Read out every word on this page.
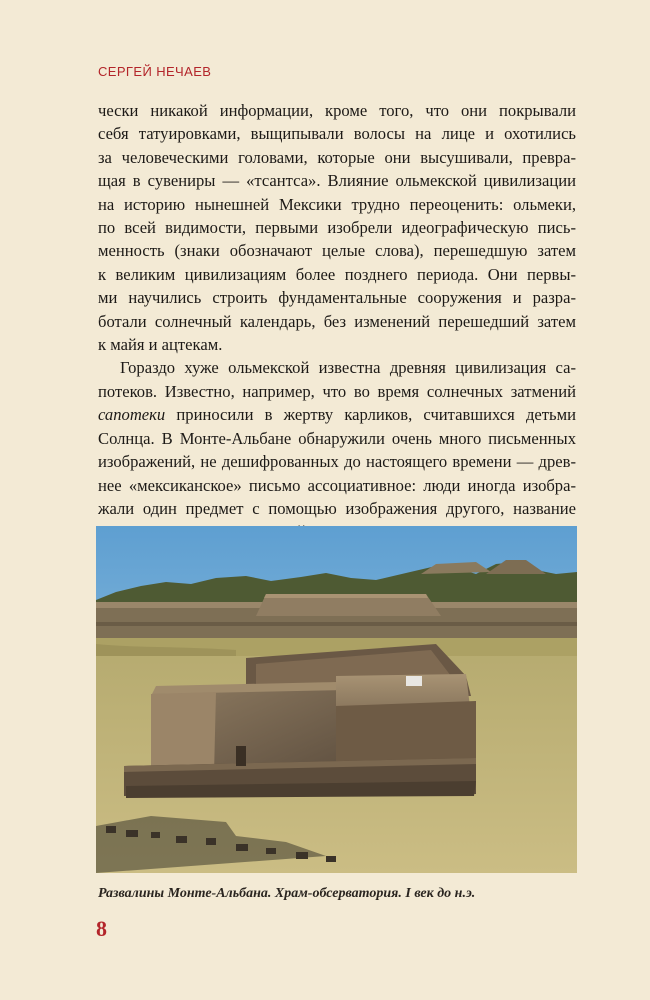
СЕРГЕЙ НЕЧАЕВ

чески никакой информации, кроме того, что они покрывали
себя татуировками, выщипывали волосы на лице и охотились
за человеческими головами, которые они высушивали, превра-
щая в сувениры — «тсантса». Влияние ольмекской цивилизации
на историю нынешней Мексики трудно переоценить: ольмеки,
по всей видимости, первыми изобрели идеографическую пись-
менность (знаки обозначают целые слова), перешедшую затем
к великим цивилизациям более позднего периода. Они первы-
ми научились строить фундаментальные сооружения и разра-
ботали солнечный календарь, без изменений перешедший затем
к майя и ацтекам.

Гораздо хуже ольмекской известна древняя цивилизация са-
потеков. Известно, например, что во время солнечных затмений
сапотеки приносили в жертву карликов, считавшихся детьми
Солнца. В Монте-Альбане обнаружили очень много письменных
изображений, не дешифрованных до настоящего времени — древ-
нее «мексиканское» письмо ассоциативное: люди иногда изобра-
жали один предмет с помощью изображения другого, название

Развалины Монте-Альбана. Храм-обсерватория. I век до н.э.
8
